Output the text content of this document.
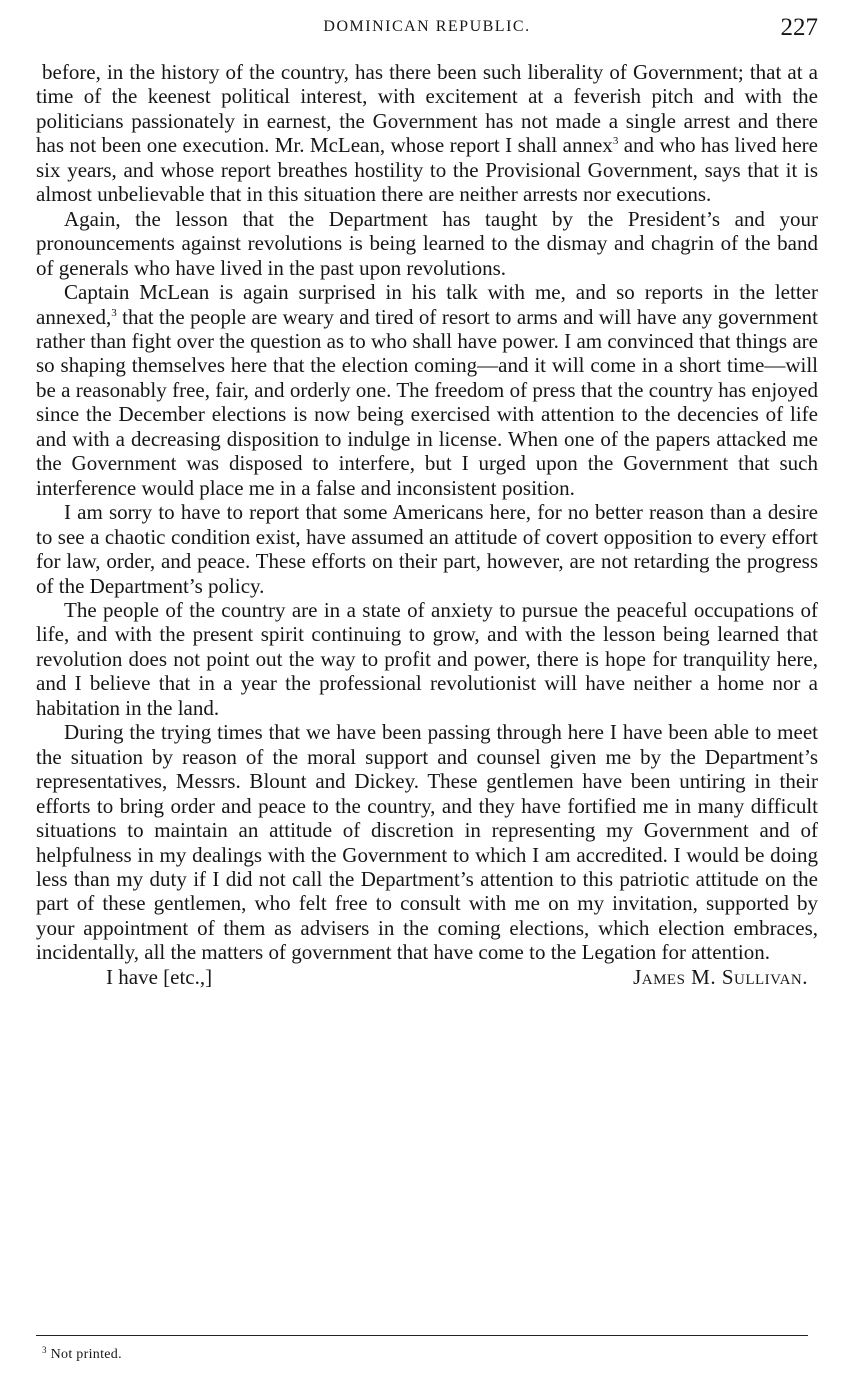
DOMINICAN REPUBLIC.	227

before, in the history of the country, has there been such liberality of Government; that at a time of the keenest political interest, with excitement at a feverish pitch and with the politicians passionately in earnest, the Government has not made a single arrest and there has not been one execution. Mr. McLean, whose report I shall annex$^3$ and who has lived here six years, and whose report breathes hostility to the Provisional Government, says that it is almost unbelievable that in this situation there are neither arrests nor executions.

Again, the lesson that the Department has taught by the President’s and your pronouncements against revolutions is being learned to the dismay and chagrin of the band of generals who have lived in the past upon revolutions.

Captain McLean is again surprised in his talk with me, and so reports in the letter annexed,$^3$ that the people are weary and tired of resort to arms and will have any government rather than fight over the question as to who shall have power. I am convinced that things are so shaping themselves here that the election coming—and it will come in a short time—will be a reasonably free, fair, and orderly one. The freedom of press that the country has enjoyed since the December elections is now being exercised with attention to the decencies of life and with a decreasing disposition to indulge in license. When one of the papers attacked me the Government was disposed to interfere, but I urged upon the Government that such interference would place me in a false and inconsistent position.

I am sorry to have to report that some Americans here, for no better reason than a desire to see a chaotic condition exist, have assumed an attitude of covert opposition to every effort for law, order, and peace. These efforts on their part, however, are not retarding the progress of the Department’s policy.

The people of the country are in a state of anxiety to pursue the peaceful occupations of life, and with the present spirit continuing to grow, and with the lesson being learned that revolution does not point out the way to profit and power, there is hope for tranquility here, and I believe that in a year the professional revolutionist will have neither a home nor a habitation in the land.

During the trying times that we have been passing through here I have been able to meet the situation by reason of the moral support and counsel given me by the Department’s representatives, Messrs. Blount and Dickey. These gentlemen have been untiring in their efforts to bring order and peace to the country, and they have fortified me in many difficult situations to maintain an attitude of discretion in representing my Government and of helpfulness in my dealings with the Government to which I am accredited. I would be doing less than my duty if I did not call the Department’s attention to this patriotic attitude on the part of these gentlemen, who felt free to consult with me on my invitation, supported by your appointment of them as advisers in the coming elections, which election embraces, incidentally, all the matters of government that have come to the Legation for attention.

I have [etc.,]	James M. Sullivan.
$^3$ Not printed.
